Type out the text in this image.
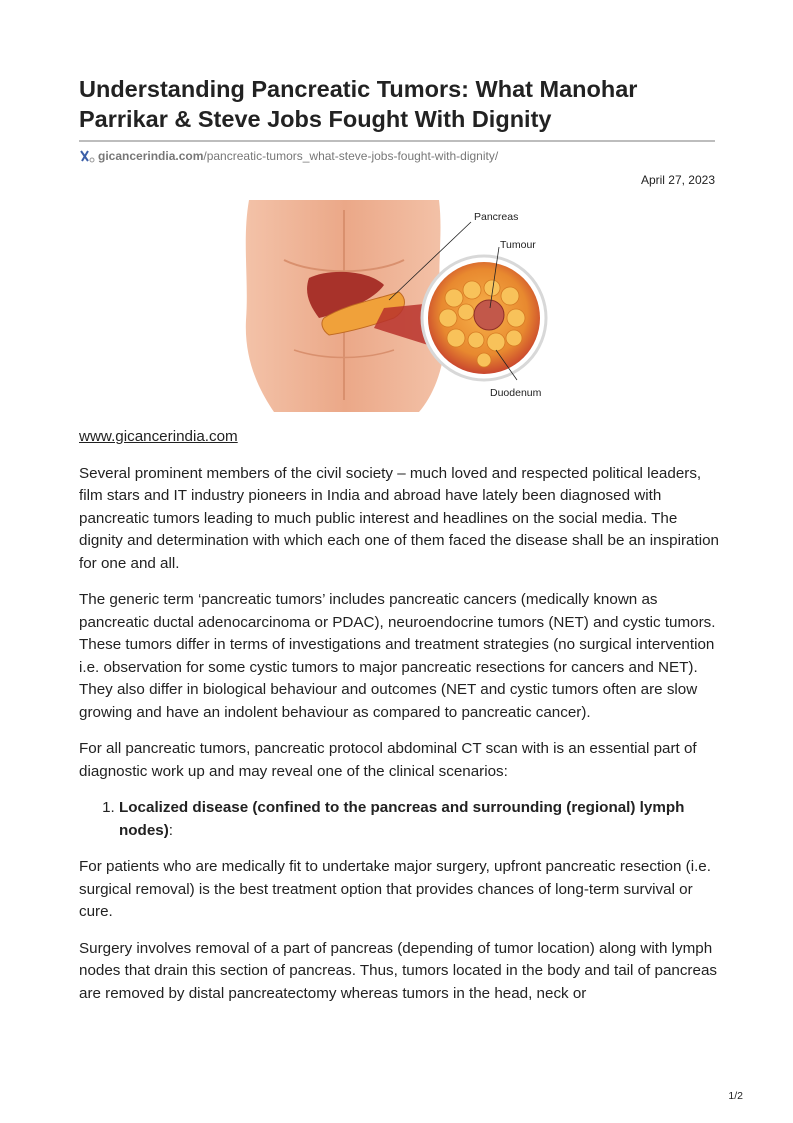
Understanding Pancreatic Tumors: What Manohar Parrikar & Steve Jobs Fought With Dignity
gicancerindia.com/pancreatic-tumors_what-steve-jobs-fought-with-dignity/
April 27, 2023
Pancreas
Tumour
Duodenum

www.gicancerindia.com

Several prominent members of the civil society – much loved and respected political leaders, film stars and IT industry pioneers in India and abroad have lately been diagnosed with pancreatic tumors leading to much public interest and headlines on the social media. The dignity and determination with which each one of them faced the disease shall be an inspiration for one and all.

The generic term ‘pancreatic tumors’ includes pancreatic cancers (medically known as pancreatic ductal adenocarcinoma or PDAC), neuroendocrine tumors (NET) and cystic tumors. These tumors differ in terms of investigations and treatment strategies (no surgical intervention i.e. observation for some cystic tumors to major pancreatic resections for cancers and NET). They also differ in biological behaviour and outcomes (NET and cystic tumors often are slow growing and have an indolent behaviour as compared to pancreatic cancer).

For all pancreatic tumors, pancreatic protocol abdominal CT scan with is an essential part of diagnostic work up and may reveal one of the clinical scenarios:

1. Localized disease (confined to the pancreas and surrounding (regional) lymph nodes):

For patients who are medically fit to undertake major surgery, upfront pancreatic resection (i.e. surgical removal) is the best treatment option that provides chances of long-term survival or cure.

Surgery involves removal of a part of pancreas (depending of tumor location) along with lymph nodes that drain this section of pancreas. Thus, tumors located in the body and tail of pancreas are removed by distal pancreatectomy whereas tumors in the head, neck or

1/2
